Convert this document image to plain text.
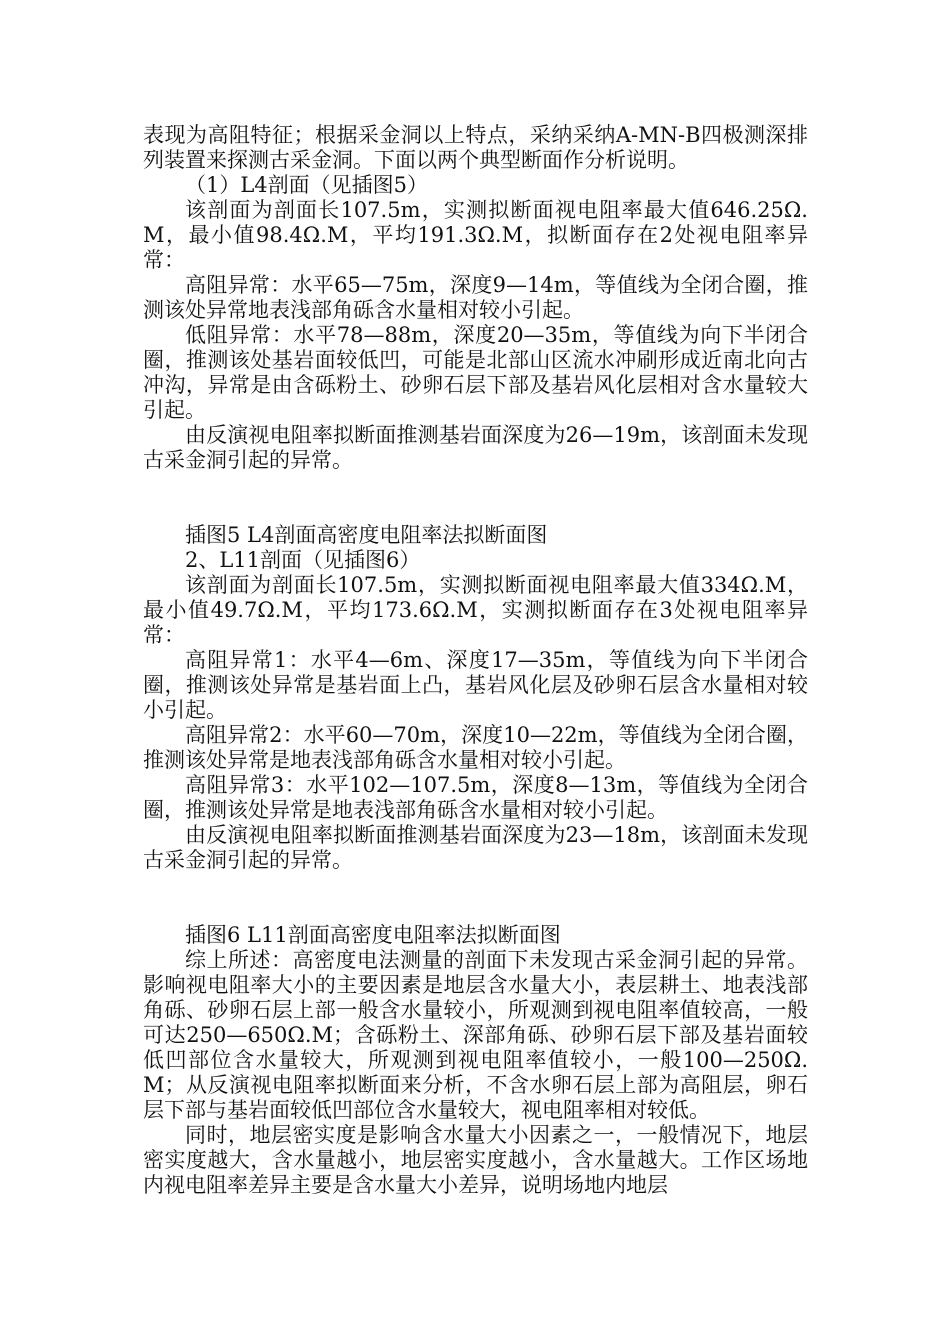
表现为高阻特征；根据采金洞以上特点，采纳采纳A-MN-B四极测深排列装置来探测古采金洞。下面以两个典型断面作分析说明。

（1）L4剖面（见插图5）

该剖面为剖面长107.5m，实测拟断面视电阻率最大值646.25Ω.M，最小值98.4Ω.M，平均191.3Ω.M，拟断面存在2处视电阻率异常：

高阻异常：水平65—75m，深度9—14m，等值线为全闭合圈，推测该处异常地表浅部角砾含水量相对较小引起。

低阻异常：水平78—88m，深度20—35m，等值线为向下半闭合圈，推测该处基岩面较低凹，可能是北部山区流水冲刷形成近南北向古冲沟，异常是由含砾粉土、砂卵石层下部及基岩风化层相对含水量较大引起。

由反演视电阻率拟断面推测基岩面深度为26—19m，该剖面未发现古采金洞引起的异常。

插图5 L4剖面高密度电阻率法拟断面图

2、L11剖面（见插图6）

该剖面为剖面长107.5m，实测拟断面视电阻率最大值334Ω.M，最小值49.7Ω.M，平均173.6Ω.M，实测拟断面存在3处视电阻率异常：

高阻异常1：水平4—6m、深度17—35m，等值线为向下半闭合圈，推测该处异常是基岩面上凸，基岩风化层及砂卵石层含水量相对较小引起。

高阻异常2：水平60—70m，深度10—22m，等值线为全闭合圈，推测该处异常是地表浅部角砾含水量相对较小引起。

高阻异常3：水平102—107.5m，深度8—13m，等值线为全闭合圈，推测该处异常是地表浅部角砾含水量相对较小引起。

由反演视电阻率拟断面推测基岩面深度为23—18m，该剖面未发现古采金洞引起的异常。

插图6 L11剖面高密度电阻率法拟断面图

综上所述：高密度电法测量的剖面下未发现古采金洞引起的异常。影响视电阻率大小的主要因素是地层含水量大小，表层耕土、地表浅部角砾、砂卵石层上部一般含水量较小，所观测到视电阻率值较高，一般可达250—650Ω.M；含砾粉土、深部角砾、砂卵石层下部及基岩面较低凹部位含水量较大，所观测到视电阻率值较小，一般100—250Ω.M；从反演视电阻率拟断面来分析，不含水卵石层上部为高阻层，卵石层下部与基岩面较低凹部位含水量较大，视电阻率相对较低。

同时，地层密实度是影响含水量大小因素之一，一般情况下，地层密实度越大，含水量越小，地层密实度越小，含水量越大。工作区场地内视电阻率差异主要是含水量大小差异，说明场地内地层
